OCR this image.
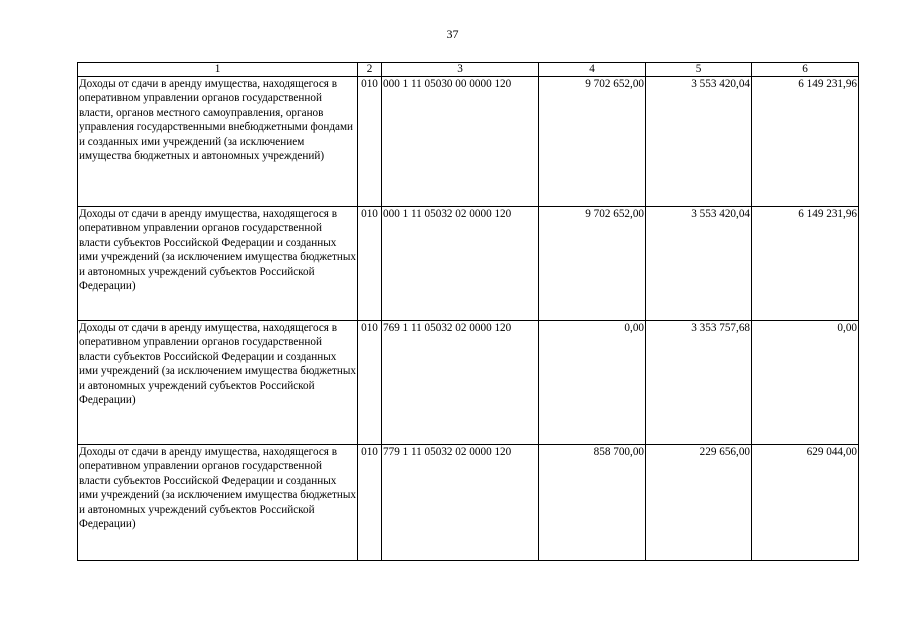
37
1	2	3	4	5	6
Доходы от сдачи в аренду имущества, находящегося в оперативном управлении органов государственной власти, органов местного самоуправления, органов управления государственными внебюджетными фондами и созданных ими учреждений (за исключением имущества бюджетных и автономных учреждений)	010	000 1 11 05030 00 0000 120	9 702 652,00	3 553 420,04	6 149 231,96
Доходы от сдачи в аренду имущества, находящегося в оперативном управлении органов государственной власти субъектов Российской Федерации и созданных ими учреждений (за исключением имущества бюджетных и автономных учреждений субъектов Российской Федерации)	010	000 1 11 05032 02 0000 120	9 702 652,00	3 553 420,04	6 149 231,96
Доходы от сдачи в аренду имущества, находящегося в оперативном управлении органов государственной власти субъектов Российской Федерации и созданных ими учреждений (за исключением имущества бюджетных и автономных учреждений субъектов Российской Федерации)	010	769 1 11 05032 02 0000 120	0,00	3 353 757,68	0,00
Доходы от сдачи в аренду имущества, находящегося в оперативном управлении органов государственной власти субъектов Российской Федерации и созданных ими учреждений (за исключением имущества бюджетных и автономных учреждений субъектов Российской Федерации)	010	779 1 11 05032 02 0000 120	858 700,00	229 656,00	629 044,00
